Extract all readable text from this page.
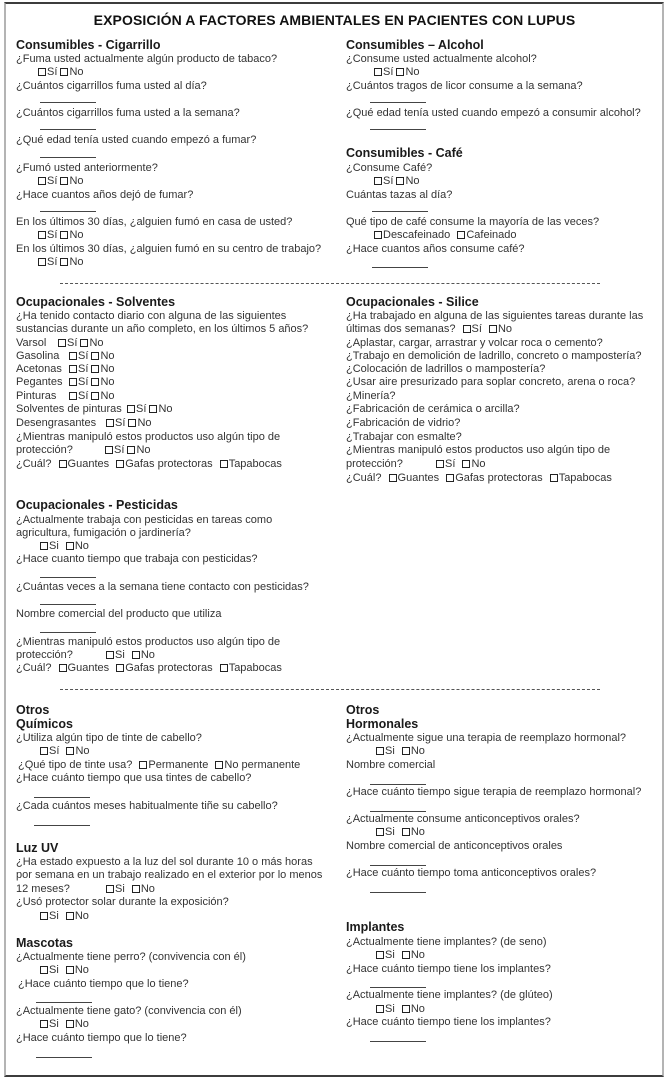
EXPOSICIÓN A FACTORES AMBIENTALES EN PACIENTES CON LUPUS
Consumibles - Cigarrillo
¿Fuma usted actualmente algún producto de tabaco?
Sí No
¿Cuántos cigarrillos fuma usted al día?
¿Cuántos cigarrillos fuma usted a la semana?
¿Qué edad tenía usted cuando empezó a fumar?
¿Fumó usted anteriormente?
Sí No
¿Hace cuantos años dejó de fumar?
En los últimos 30 días, ¿alguien fumó en casa de usted?
Sí No
En los últimos 30 días, ¿alguien fumó en su centro de trabajo?
Sí No
Consumibles – Alcohol
¿Consume usted actualmente alcohol?
Sí No
¿Cuántos tragos de licor consume a la semana?
¿Qué edad tenía usted cuando empezó a consumir alcohol?
Consumibles - Café
¿Consume Café?
Sí No
Cuántas tazas al día?
Qué tipo de café consume la mayoría de las veces?
Descafeinado Cafeinado
¿Hace cuantos años consume café?
Ocupacionales - Solventes
¿Ha tenido contacto diario con alguna de las siguientes
sustancias durante un año completo, en los últimos 5 años?
Varsol	Sí No
Gasolina	Sí No
Acetonas	Sí No
Pegantes	Sí No
Pinturas	Sí No
Solventes de pinturas	Sí No
Desengrasantes	Sí No
¿Mientras manipuló estos productos uso algún tipo de
protección?	Sí No
¿Cuál? Guantes Gafas protectoras Tapabocas
Ocupacionales - Silice
¿Ha trabajado en alguna de las siguientes tareas durante las
últimas dos semanas? Sí No
¿Aplastar, cargar, arrastrar y volcar roca o cemento?
¿Trabajo en demolición de ladrillo, concreto o mampostería?
¿Colocación de ladrillos o mampostería?
¿Usar aire presurizado para soplar concreto, arena o roca?
¿Minería?
¿Fabricación de cerámica o arcilla?
¿Fabricación de vidrio?
¿Trabajar con esmalte?
¿Mientras manipuló estos productos uso algún tipo de
protección?	Sí No
¿Cuál? Guantes Gafas protectoras Tapabocas
Ocupacionales - Pesticidas
¿Actualmente trabaja con pesticidas en tareas como
agricultura, fumigación o jardinería?
Si No
¿Hace cuanto tiempo que trabaja con pesticidas?
¿Cuántas veces a la semana tiene contacto con pesticidas?
Nombre comercial del producto que utiliza
¿Mientras manipuló estos productos uso algún tipo de
protección?	Si No
¿Cuál? Guantes Gafas protectoras Tapabocas
Otros
Químicos
¿Utiliza algún tipo de tinte de cabello?
Sí No
¿Qué tipo de tinte usa? Permanente No permanente
¿Hace cuánto tiempo que usa tintes de cabello?
¿Cada cuántos meses habitualmente tiñe su cabello?
Luz UV
¿Ha estado expuesto a la luz del sol durante 10 o más horas
por semana en un trabajo realizado en el exterior por lo menos
12 meses?	Si No
¿Usó protector solar durante la exposición?
Si No
Mascotas
¿Actualmente tiene perro? (convivencia con él)
Si No
¿Hace cuánto tiempo que lo tiene?
¿Actualmente tiene gato? (convivencia con él)
Si No
¿Hace cuánto tiempo que lo tiene?
Otros
Hormonales
¿Actualmente sigue una terapia de reemplazo hormonal?
Si No
Nombre comercial
¿Hace cuánto tiempo sigue terapia de reemplazo hormonal?
¿Actualmente consume anticonceptivos orales?
Si No
Nombre comercial de anticonceptivos orales
¿Hace cuánto tiempo toma anticonceptivos orales?
Implantes
¿Actualmente tiene implantes? (de seno)
Si No
¿Hace cuánto tiempo tiene los implantes?
¿Actualmente tiene implantes? (de glúteo)
Si No
¿Hace cuánto tiempo tiene los implantes?
